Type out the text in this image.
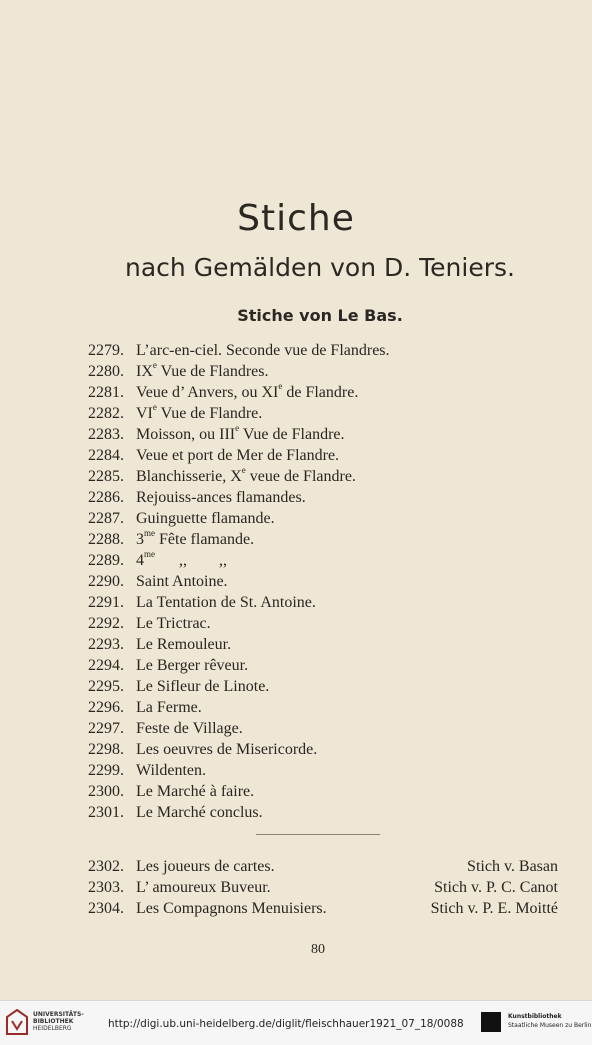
Stiche
nach Gemälden von D. Teniers.
Stiche von Le Bas.
2279. L’arc-en-ciel. Seconde vue de Flandres.
2280. IXe Vue de Flandres.
2281. Veue d’ Anvers, ou XIe de Flandre.
2282. VIe Vue de Flandre.
2283. Moisson, ou IIIe Vue de Flandre.
2284. Veue et port de Mer de Flandre.
2285. Blanchisserie, Xe veue de Flandre.
2286. Rejouiss-ances flamandes.
2287. Guinguette flamande.
2288. $3^{me}$ Fête flamande.
2289. $4^{me}$      ,,        ,,
2290. Saint Antoine.
2291. La Tentation de St. Antoine.
2292. Le Trictrac.
2293. Le Remouleur.
2294. Le Berger rêveur.
2295. Le Sifleur de Linote.
2296. La Ferme.
2297. Feste de Village.
2298. Les oeuvres de Misericorde.
2299. Wildenten.
2300. Le Marché à faire.
2301. Le Marché conclus.
2302. Les joueurs de cartes.	Stich v. Basan
2303. L’ amoureux Buveur.	Stich v. P. C. Canot
2304. Les Compagnons Menuisiers.	Stich v. P. E. Moitté
80
UNIVERSITÄTS-
BIBLIOTHEK
HEIDELBERG	http://digi.ub.uni-heidelberg.de/diglit/fleischhauer1921_07_18/0088
Kunstbibliothek
Staatliche Museen zu Berlin
